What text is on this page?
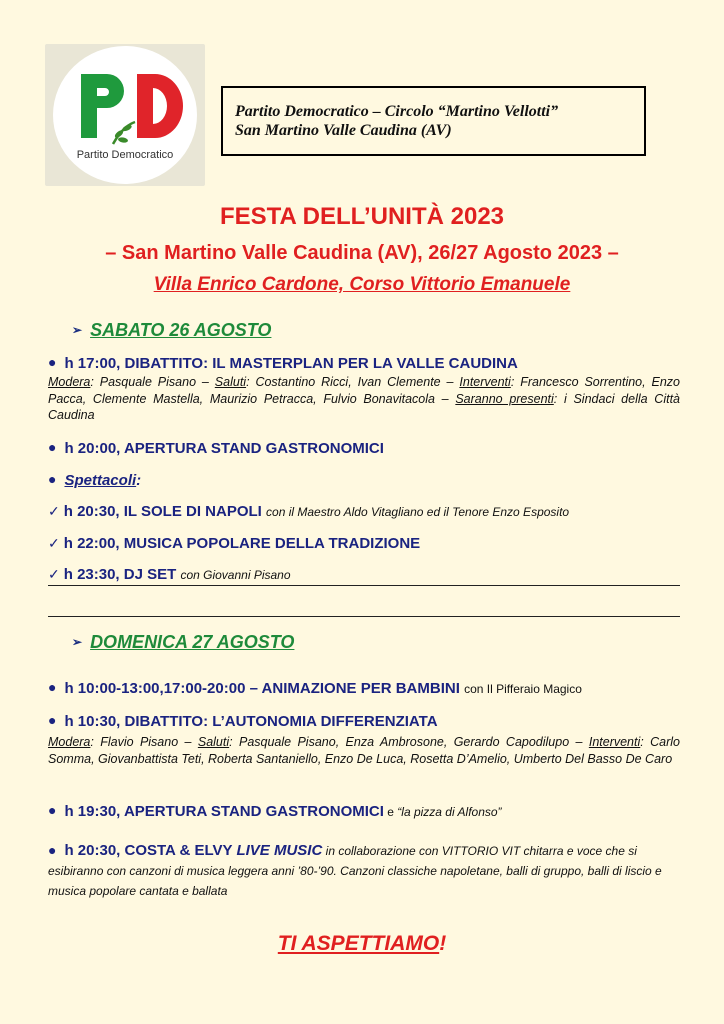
Partito Democratico
Partito Democratico – Circolo “Martino Vellotti”
San Martino Valle Caudina (AV)
FESTA DELL’UNITÀ 2023
– San Martino Valle Caudina (AV), 26/27 Agosto 2023 –
Villa Enrico Cardone, Corso Vittorio Emanuele
➢ SABATO 26 AGOSTO
● h 17:00, DIBATTITO: IL MASTERPLAN PER LA VALLE CAUDINA
Modera: Pasquale Pisano – Saluti: Costantino Ricci, Ivan Clemente – Interventi: Francesco Sorrentino, Enzo Pacca, Clemente Mastella, Maurizio Petracca, Fulvio Bonavitacola – Saranno presenti: i Sindaci della Città Caudina
● h 20:00, APERTURA STAND GASTRONOMICI
● Spettacoli:
✓ h 20:30, IL SOLE DI NAPOLI con il Maestro Aldo Vitagliano ed il Tenore Enzo Esposito
✓ h 22:00, MUSICA POPOLARE DELLA TRADIZIONE
✓ h 23:30, DJ SET con Giovanni Pisano
➢ DOMENICA 27 AGOSTO
● h 10:00-13:00,17:00-20:00 – ANIMAZIONE PER BAMBINI con Il Pifferaio Magico
● h 10:30, DIBATTITO: L’AUTONOMIA DIFFERENZIATA
Modera: Flavio Pisano – Saluti: Pasquale Pisano, Enza Ambrosone, Gerardo Capodilupo – Interventi: Carlo Somma, Giovanbattista Teti, Roberta Santaniello, Enzo De Luca, Rosetta D’Amelio, Umberto Del Basso De Caro
● h 19:30, APERTURA STAND GASTRONOMICI e “la pizza di Alfonso”
● h 20:30, COSTA & ELVY LIVE MUSIC in collaborazione con VITTORIO VIT chitarra e voce che si esibiranno con canzoni di musica leggera anni ’80-’90. Canzoni classiche napoletane, balli di gruppo, balli di liscio e musica popolare cantata e ballata
TI ASPETTIAMO!
